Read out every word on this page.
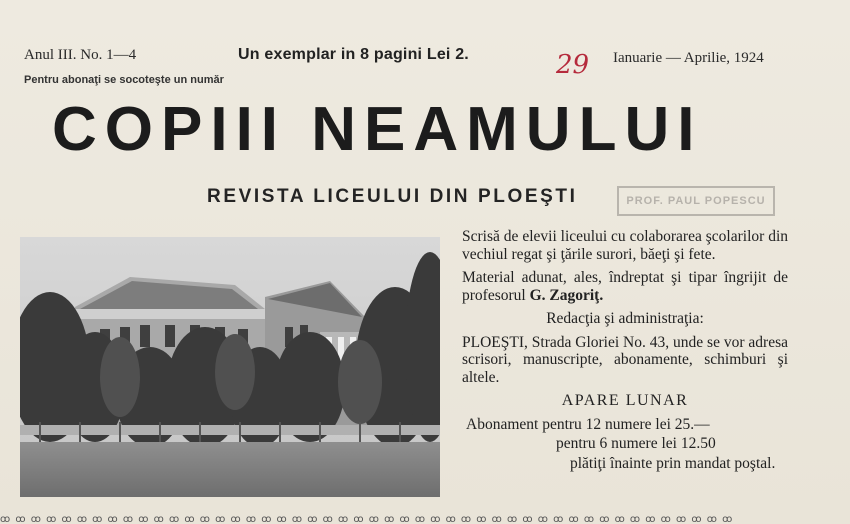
Anul III. No. 1—4	Un exemplar in 8 pagini Lei 2.	29 Ianuarie — Aprilie, 1924
Pentru abonaţi se socoteşte un număr
COPIII NEAMULUI
REVISTA LICEULUI DIN PLOEŞTI	PROF. PAUL POPESCU

Scrisă de elevii liceului cu colaborarea şcolarilor din vechiul regat şi ţările surori, băeţi şi fete.

Material adunat, ales, îndreptat şi tipar îngrijit de profesorul G. Zagoriţ.

Redacţia şi administraţia:

PLOEŞTI, Strada Gloriei No. 43, unde se vor adresa scrisori, manuscripte, abonamente, schimburi şi altele.

APARE LUNAR

Abonament pentru 12 numere lei 25.—

pentru 6 numere lei 12.50

plătiţi înainte prin mandat poştal.

ꝏ ꝏ ꝏ ꝏ ꝏ ꝏ ꝏ ꝏ ꝏ ꝏ ꝏ ꝏ ꝏ ꝏ ꝏ ꝏ ꝏ ꝏ ꝏ ꝏ ꝏ ꝏ ꝏ ꝏ ꝏ ꝏ ꝏ ꝏ ꝏ ꝏ ꝏ ꝏ ꝏ ꝏ ꝏ ꝏ ꝏ ꝏ ꝏ ꝏ ꝏ ꝏ ꝏ ꝏ ꝏ ꝏ ꝏ ꝏ
